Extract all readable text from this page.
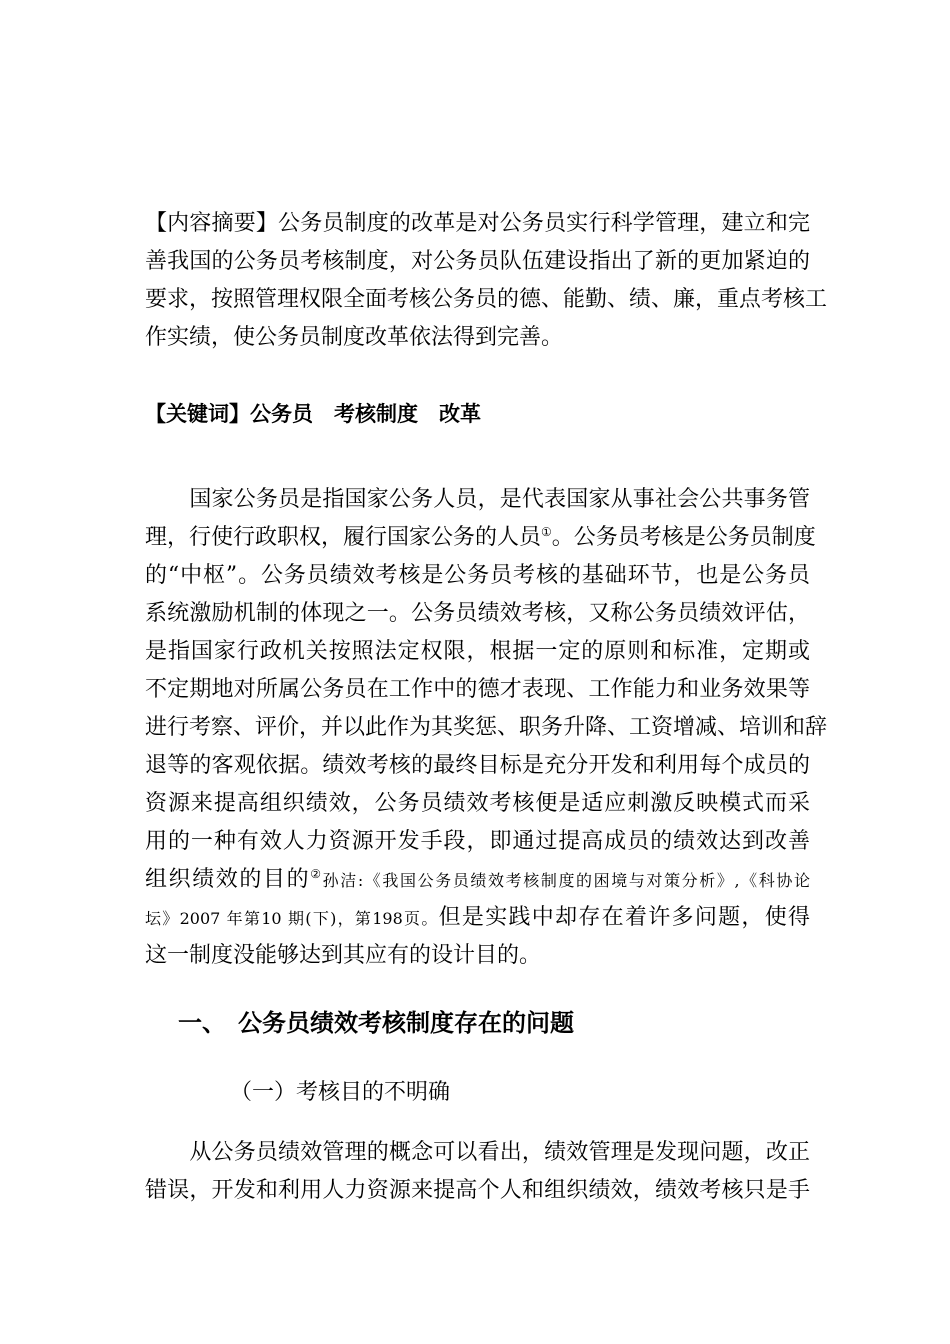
【内容摘要】公务员制度的改革是对公务员实行科学管理，建立和完
善我国的公务员考核制度，对公务员队伍建设指出了新的更加紧迫的
要求，按照管理权限全面考核公务员的德、能勤、绩、廉，重点考核工
作实绩，使公务员制度改革依法得到完善。
【关键词】公务员　考核制度　改革
　　国家公务员是指国家公务人员，是代表国家从事社会公共事务管
理，行使行政职权，履行国家公务的人员①。公务员考核是公务员制度
的“中枢”。公务员绩效考核是公务员考核的基础环节，也是公务员
系统激励机制的体现之一。公务员绩效考核，又称公务员绩效评估，
是指国家行政机关按照法定权限，根据一定的原则和标准，定期或
不定期地对所属公务员在工作中的德才表现、工作能力和业务效果等
进行考察、评价，并以此作为其奖惩、职务升降、工资增减、培训和辞
退等的客观依据。绩效考核的最终目标是充分开发和利用每个成员的
资源来提高组织绩效，公务员绩效考核便是适应刺激反映模式而采
用的一种有效人力资源开发手段，即通过提高成员的绩效达到改善
组织绩效的目的②孙洁:《我国公务员绩效考核制度的困境与对策分析》,《科协论
坛》2007 年第10 期(下)，第198页。但是实践中却存在着许多问题，使得
这一制度没能够达到其应有的设计目的。
一、　公务员绩效考核制度存在的问题
（一）考核目的不明确
　　从公务员绩效管理的概念可以看出，绩效管理是发现问题，改正
错误，开发和利用人力资源来提高个人和组织绩效，绩效考核只是手
